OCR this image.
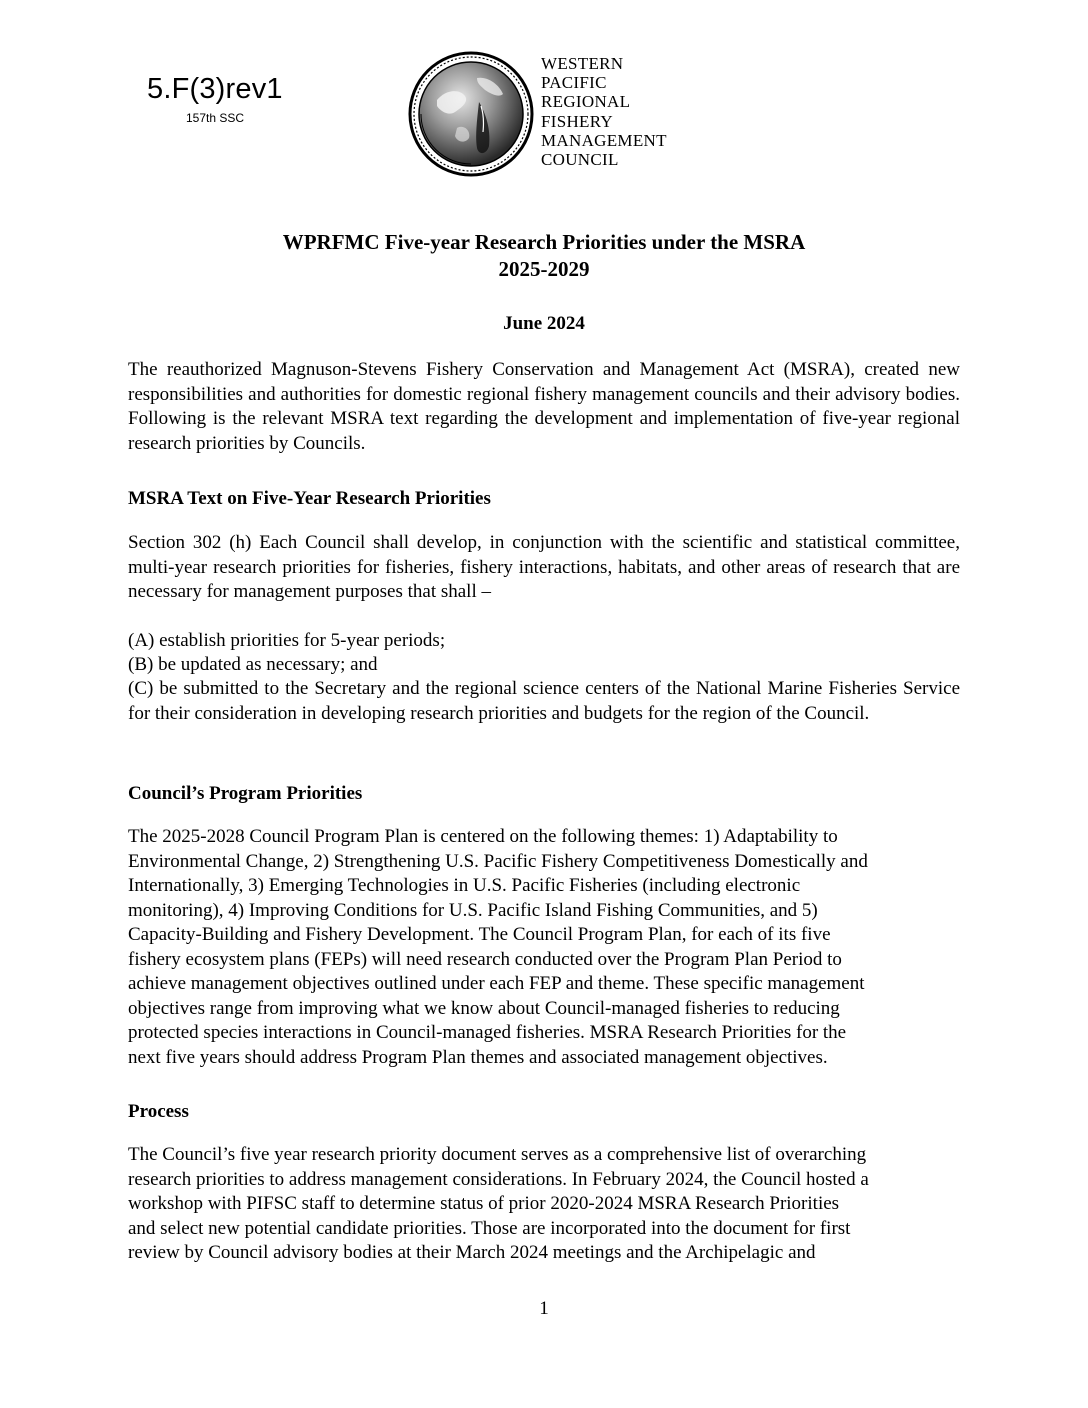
5.F(3)rev1
157th SSC
WESTERN
PACIFIC
REGIONAL
FISHERY
MANAGEMENT
COUNCIL
WPRFMC Five-year Research Priorities under the MSRA
2025-2029
June 2024
The reauthorized Magnuson-Stevens Fishery Conservation and Management Act (MSRA), created new responsibilities and authorities for domestic regional fishery management councils and their advisory bodies. Following is the relevant MSRA text regarding the development and implementation of five-year regional research priorities by Councils.
MSRA Text on Five-Year Research Priorities
Section 302 (h) Each Council shall develop, in conjunction with the scientific and statistical committee, multi-year research priorities for fisheries, fishery interactions, habitats, and other areas of research that are necessary for management purposes that shall –
(A) establish priorities for 5-year periods;
(B) be updated as necessary; and
(C) be submitted to the Secretary and the regional science centers of the National Marine Fisheries Service for their consideration in developing research priorities and budgets for the region of the Council.
Council’s Program Priorities
The 2025-2028 Council Program Plan is centered on the following themes: 1) Adaptability to
Environmental Change, 2) Strengthening U.S. Pacific Fishery Competitiveness Domestically and
Internationally, 3) Emerging Technologies in U.S. Pacific Fisheries (including electronic
monitoring), 4) Improving Conditions for U.S. Pacific Island Fishing Communities, and 5)
Capacity-Building and Fishery Development. The Council Program Plan, for each of its five
fishery ecosystem plans (FEPs) will need research conducted over the Program Plan Period to
achieve management objectives outlined under each FEP and theme. These specific management
objectives range from improving what we know about Council-managed fisheries to reducing
protected species interactions in Council-managed fisheries. MSRA Research Priorities for the
next five years should address Program Plan themes and associated management objectives.
Process
The Council’s five year research priority document serves as a comprehensive list of overarching
research priorities to address management considerations. In February 2024, the Council hosted a
workshop with PIFSC staff to determine status of prior 2020-2024 MSRA Research Priorities
and select new potential candidate priorities. Those are incorporated into the document for first
review by Council advisory bodies at their March 2024 meetings and the Archipelagic and
1
